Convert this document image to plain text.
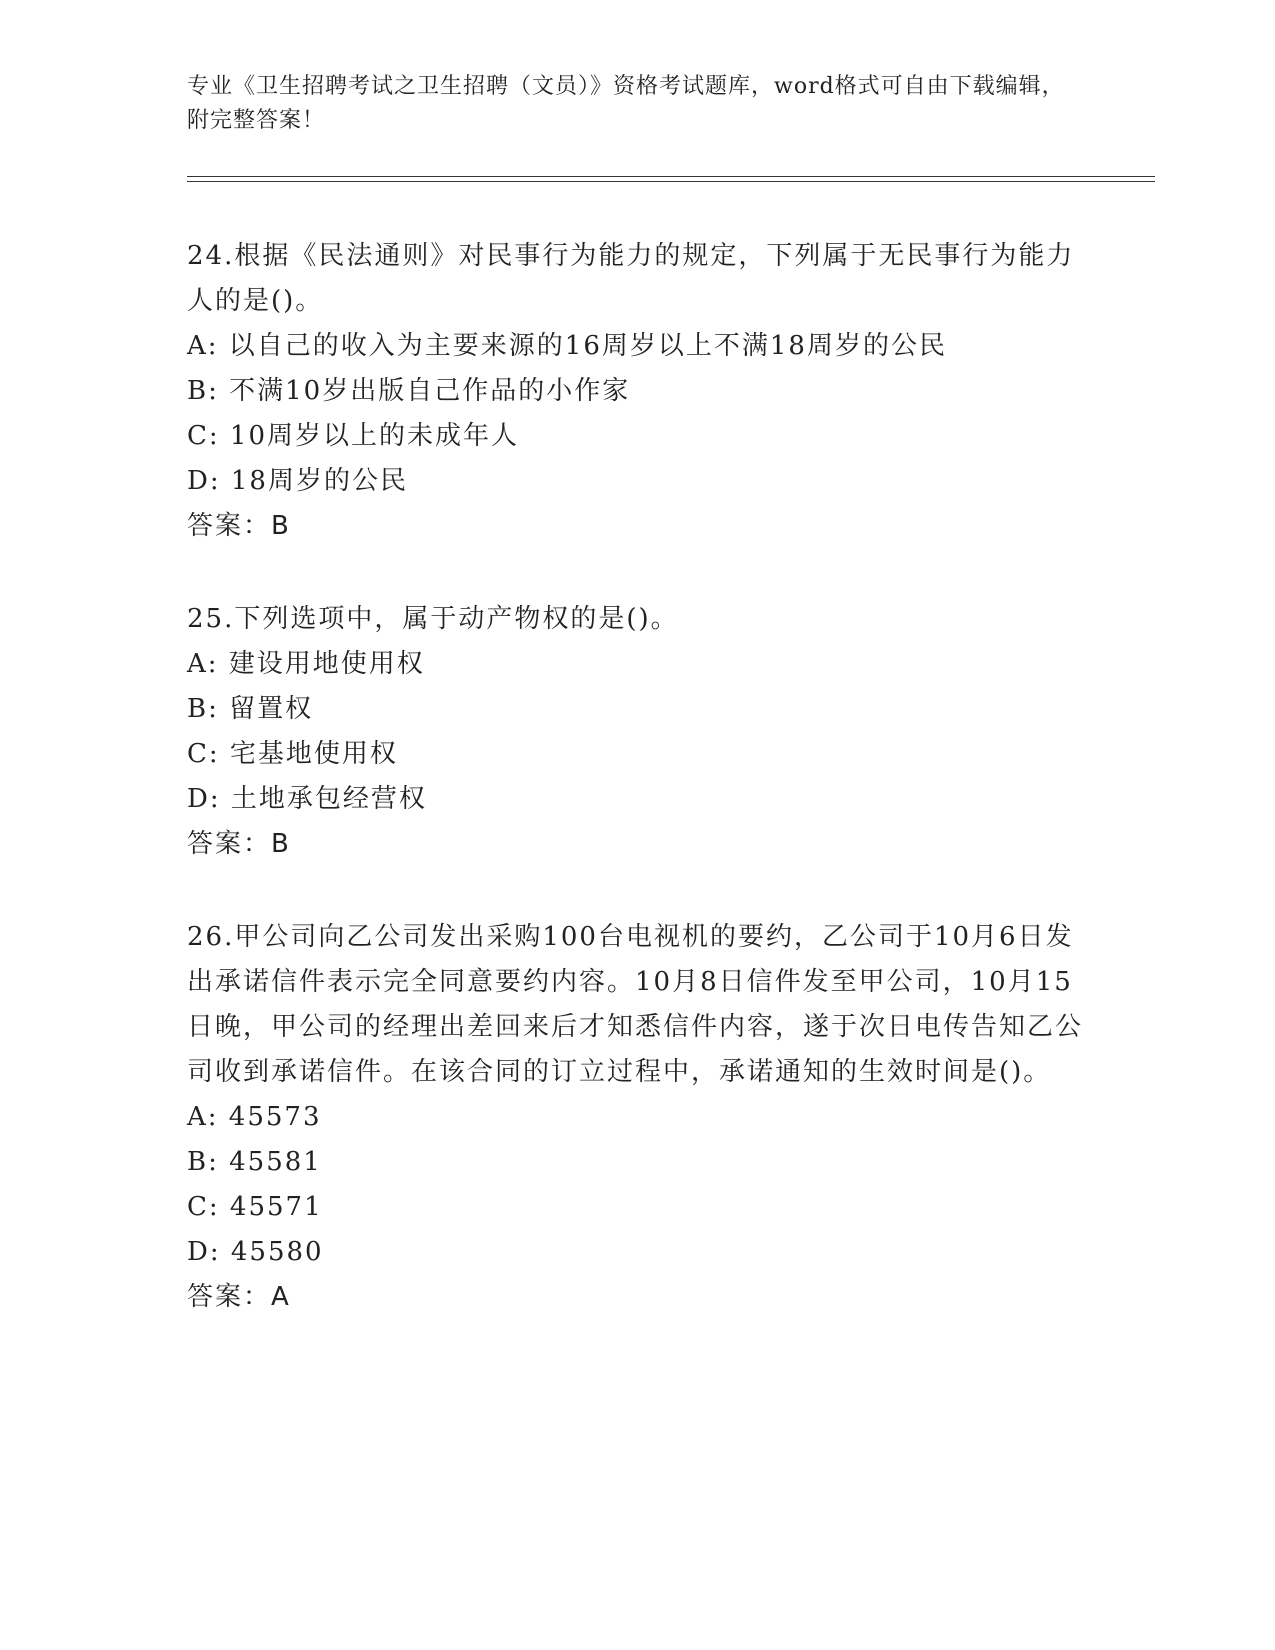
专业《卫生招聘考试之卫生招聘（文员）》资格考试题库，word格式可自由下载编辑，附完整答案！

24.根据《民法通则》对民事行为能力的规定，下列属于无民事行为能力人的是()。

A: 以自己的收入为主要来源的16周岁以上不满18周岁的公民

B: 不满10岁出版自己作品的小作家

C: 10周岁以上的未成年人

D: 18周岁的公民

答案：B

25.下列选项中，属于动产物权的是()。

A: 建设用地使用权

B: 留置权

C: 宅基地使用权

D: 土地承包经营权

答案：B

26.甲公司向乙公司发出采购100台电视机的要约，乙公司于10月6日发出承诺信件表示完全同意要约内容。10月8日信件发至甲公司，10月15日晚，甲公司的经理出差回来后才知悉信件内容，遂于次日电传告知乙公司收到承诺信件。在该合同的订立过程中，承诺通知的生效时间是()。

A: 45573

B: 45581

C: 45571

D: 45580

答案：A
